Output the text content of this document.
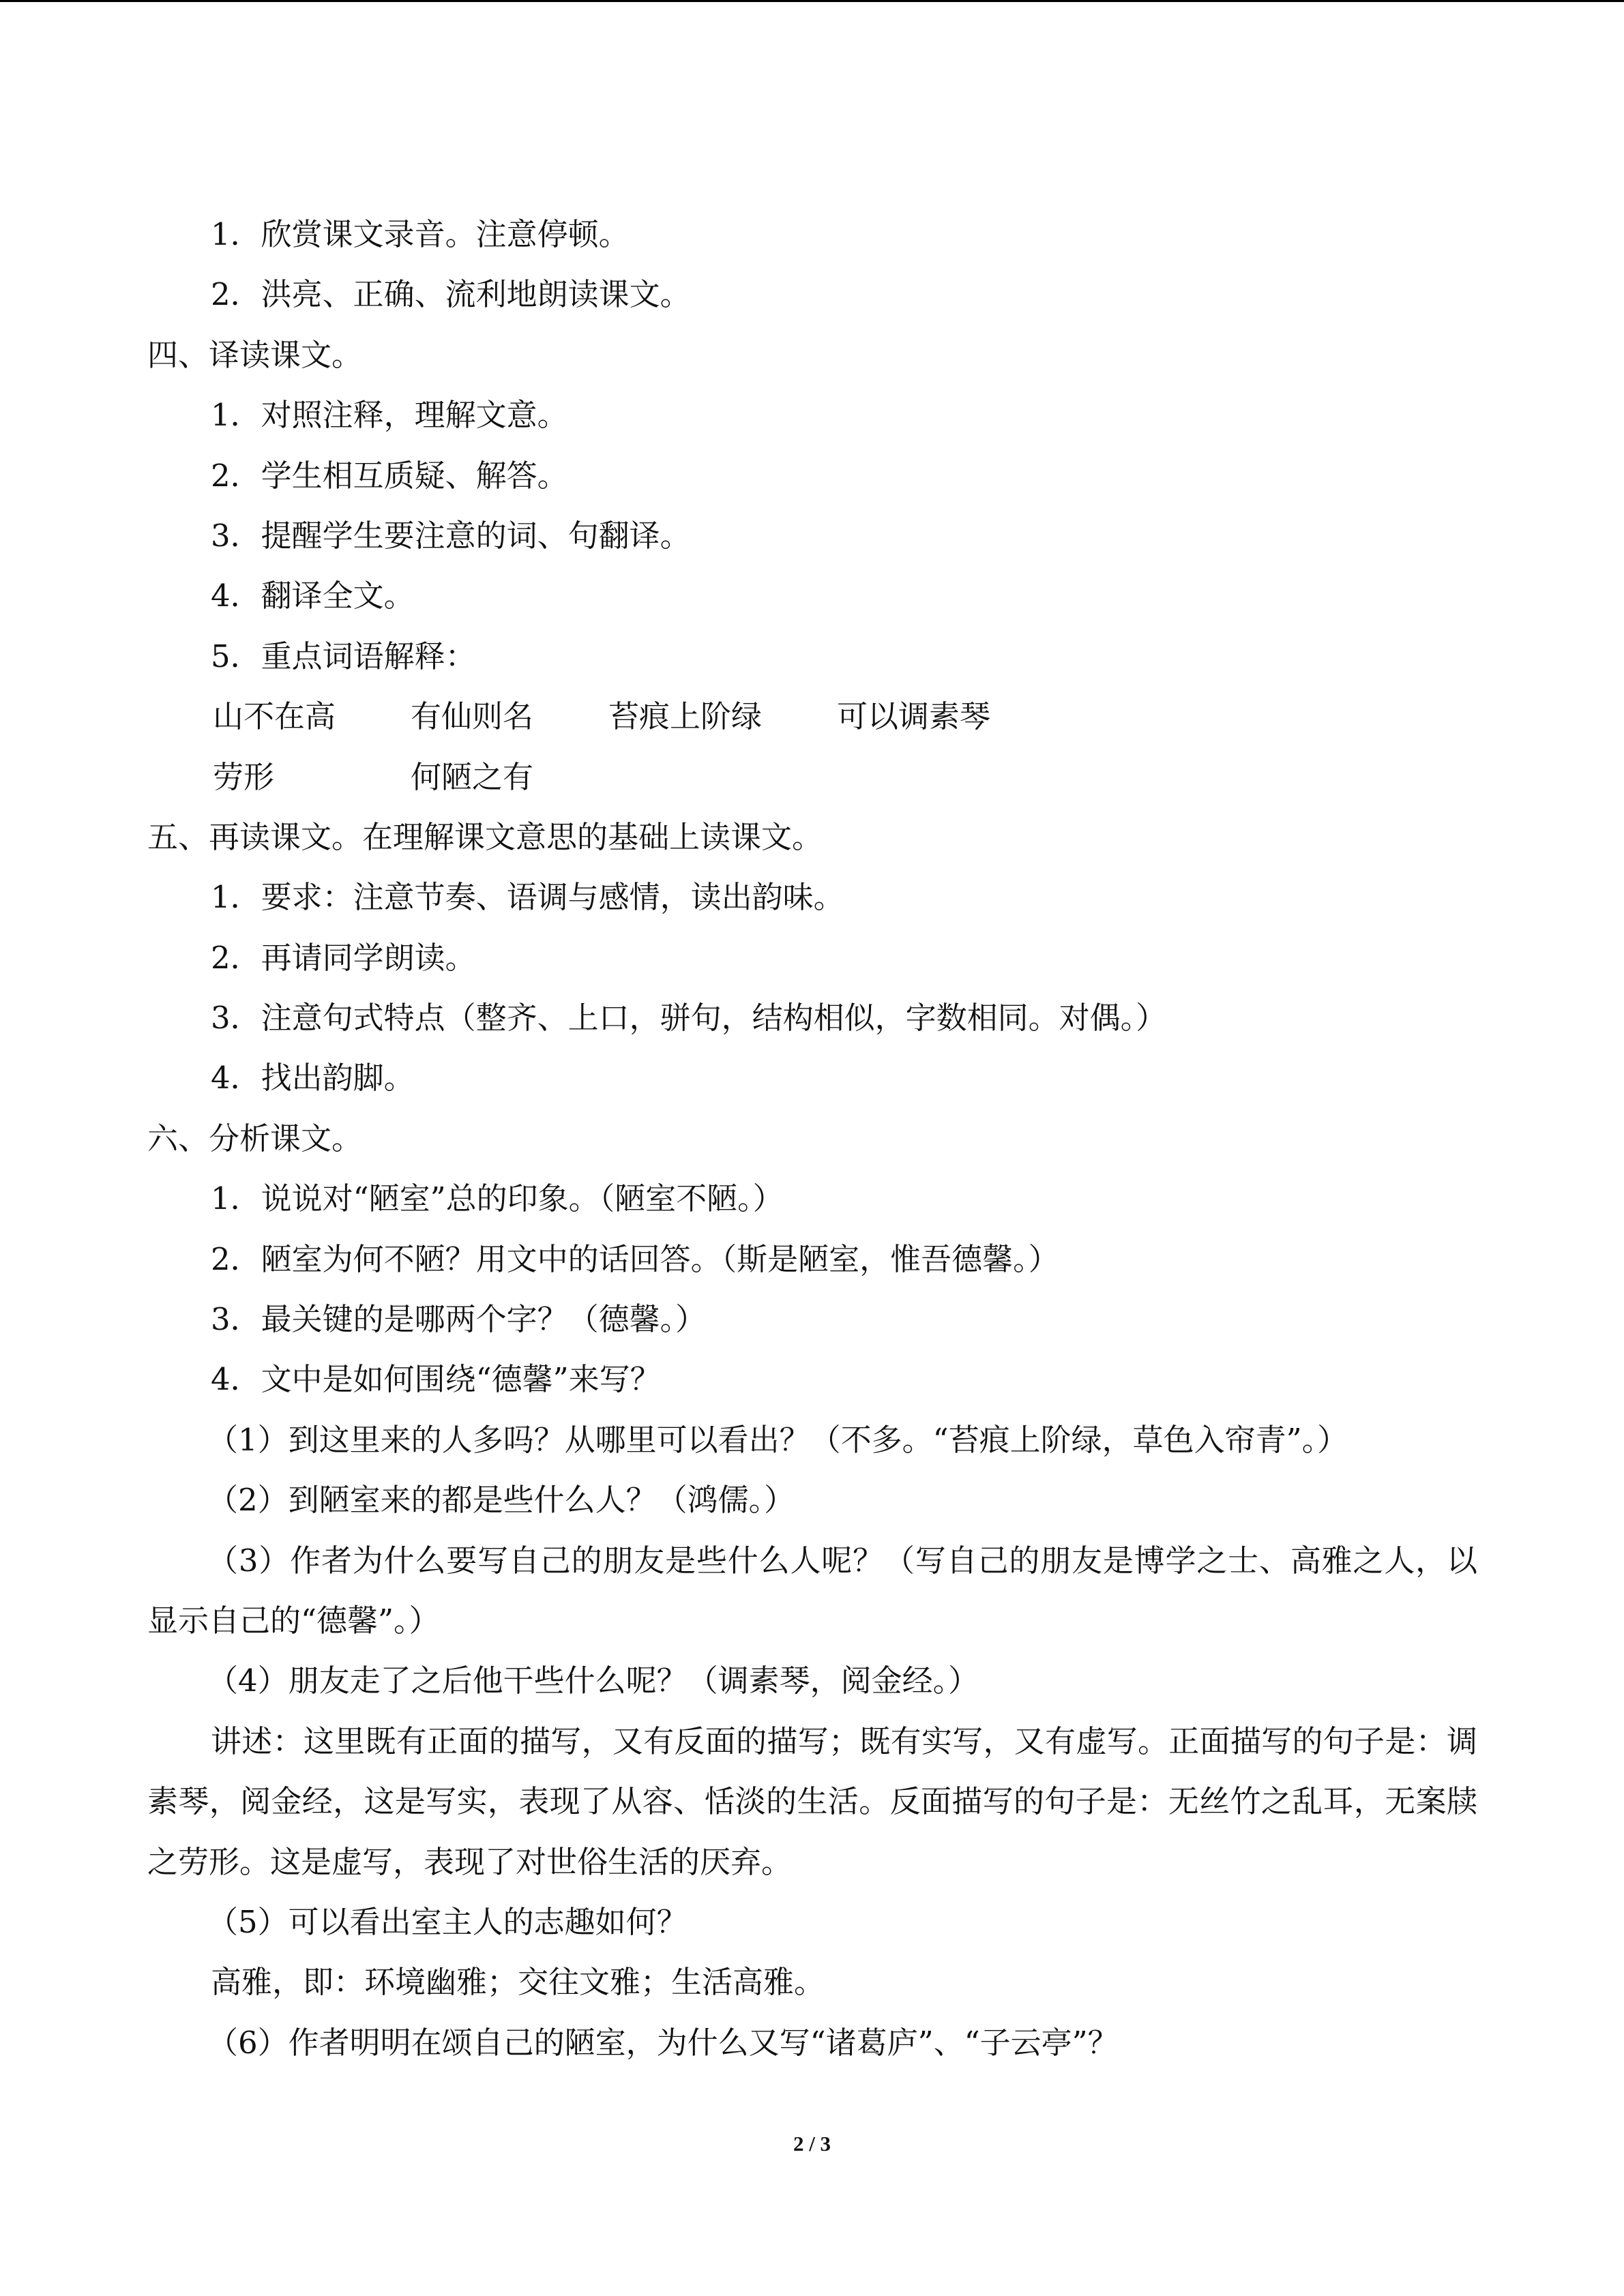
1．欣赏课文录音。注意停顿。
2．洪亮、正确、流利地朗读课文。
四、译读课文。
1．对照注释，理解文意。
2．学生相互质疑、解答。
3．提醒学生要注意的词、句翻译。
4．翻译全文。
5．重点词语解释：
山不在高 有仙则名 苔痕上阶绿 可以调素琴
劳形	何陋之有
五、再读课文。在理解课文意思的基础上读课文。
1．要求：注意节奏、语调与感情，读出韵味。
2．再请同学朗读。
3．注意句式特点（整齐、上口，骈句，结构相似，字数相同。对偶。）
4．找出韵脚。
六、分析课文。
1．说说对“陋室”总的印象。（陋室不陋。）
2．陋室为何不陋？用文中的话回答。（斯是陋室，惟吾德馨。）
3．最关键的是哪两个字？（德馨。）
4．文中是如何围绕“德馨”来写？
（1）到这里来的人多吗？从哪里可以看出？（不多。“苔痕上阶绿，草色入帘青”。）
（2）到陋室来的都是些什么人？（鸿儒。）
（3）作者为什么要写自己的朋友是些什么人呢？（写自己的朋友是博学之士、高雅之人，以显示自己的“德馨”。）
（4）朋友走了之后他干些什么呢？（调素琴，阅金经。）
讲述：这里既有正面的描写，又有反面的描写；既有实写，又有虚写。正面描写的句子是：调素琴，阅金经，这是写实，表现了从容、恬淡的生活。反面描写的句子是：无丝竹之乱耳，无案牍之劳形。这是虚写，表现了对世俗生活的厌弃。
（5）可以看出室主人的志趣如何？
高雅，即：环境幽雅；交往文雅；生活高雅。
（6）作者明明在颂自己的陋室，为什么又写“诸葛庐”、“子云亭”？
2 / 3
